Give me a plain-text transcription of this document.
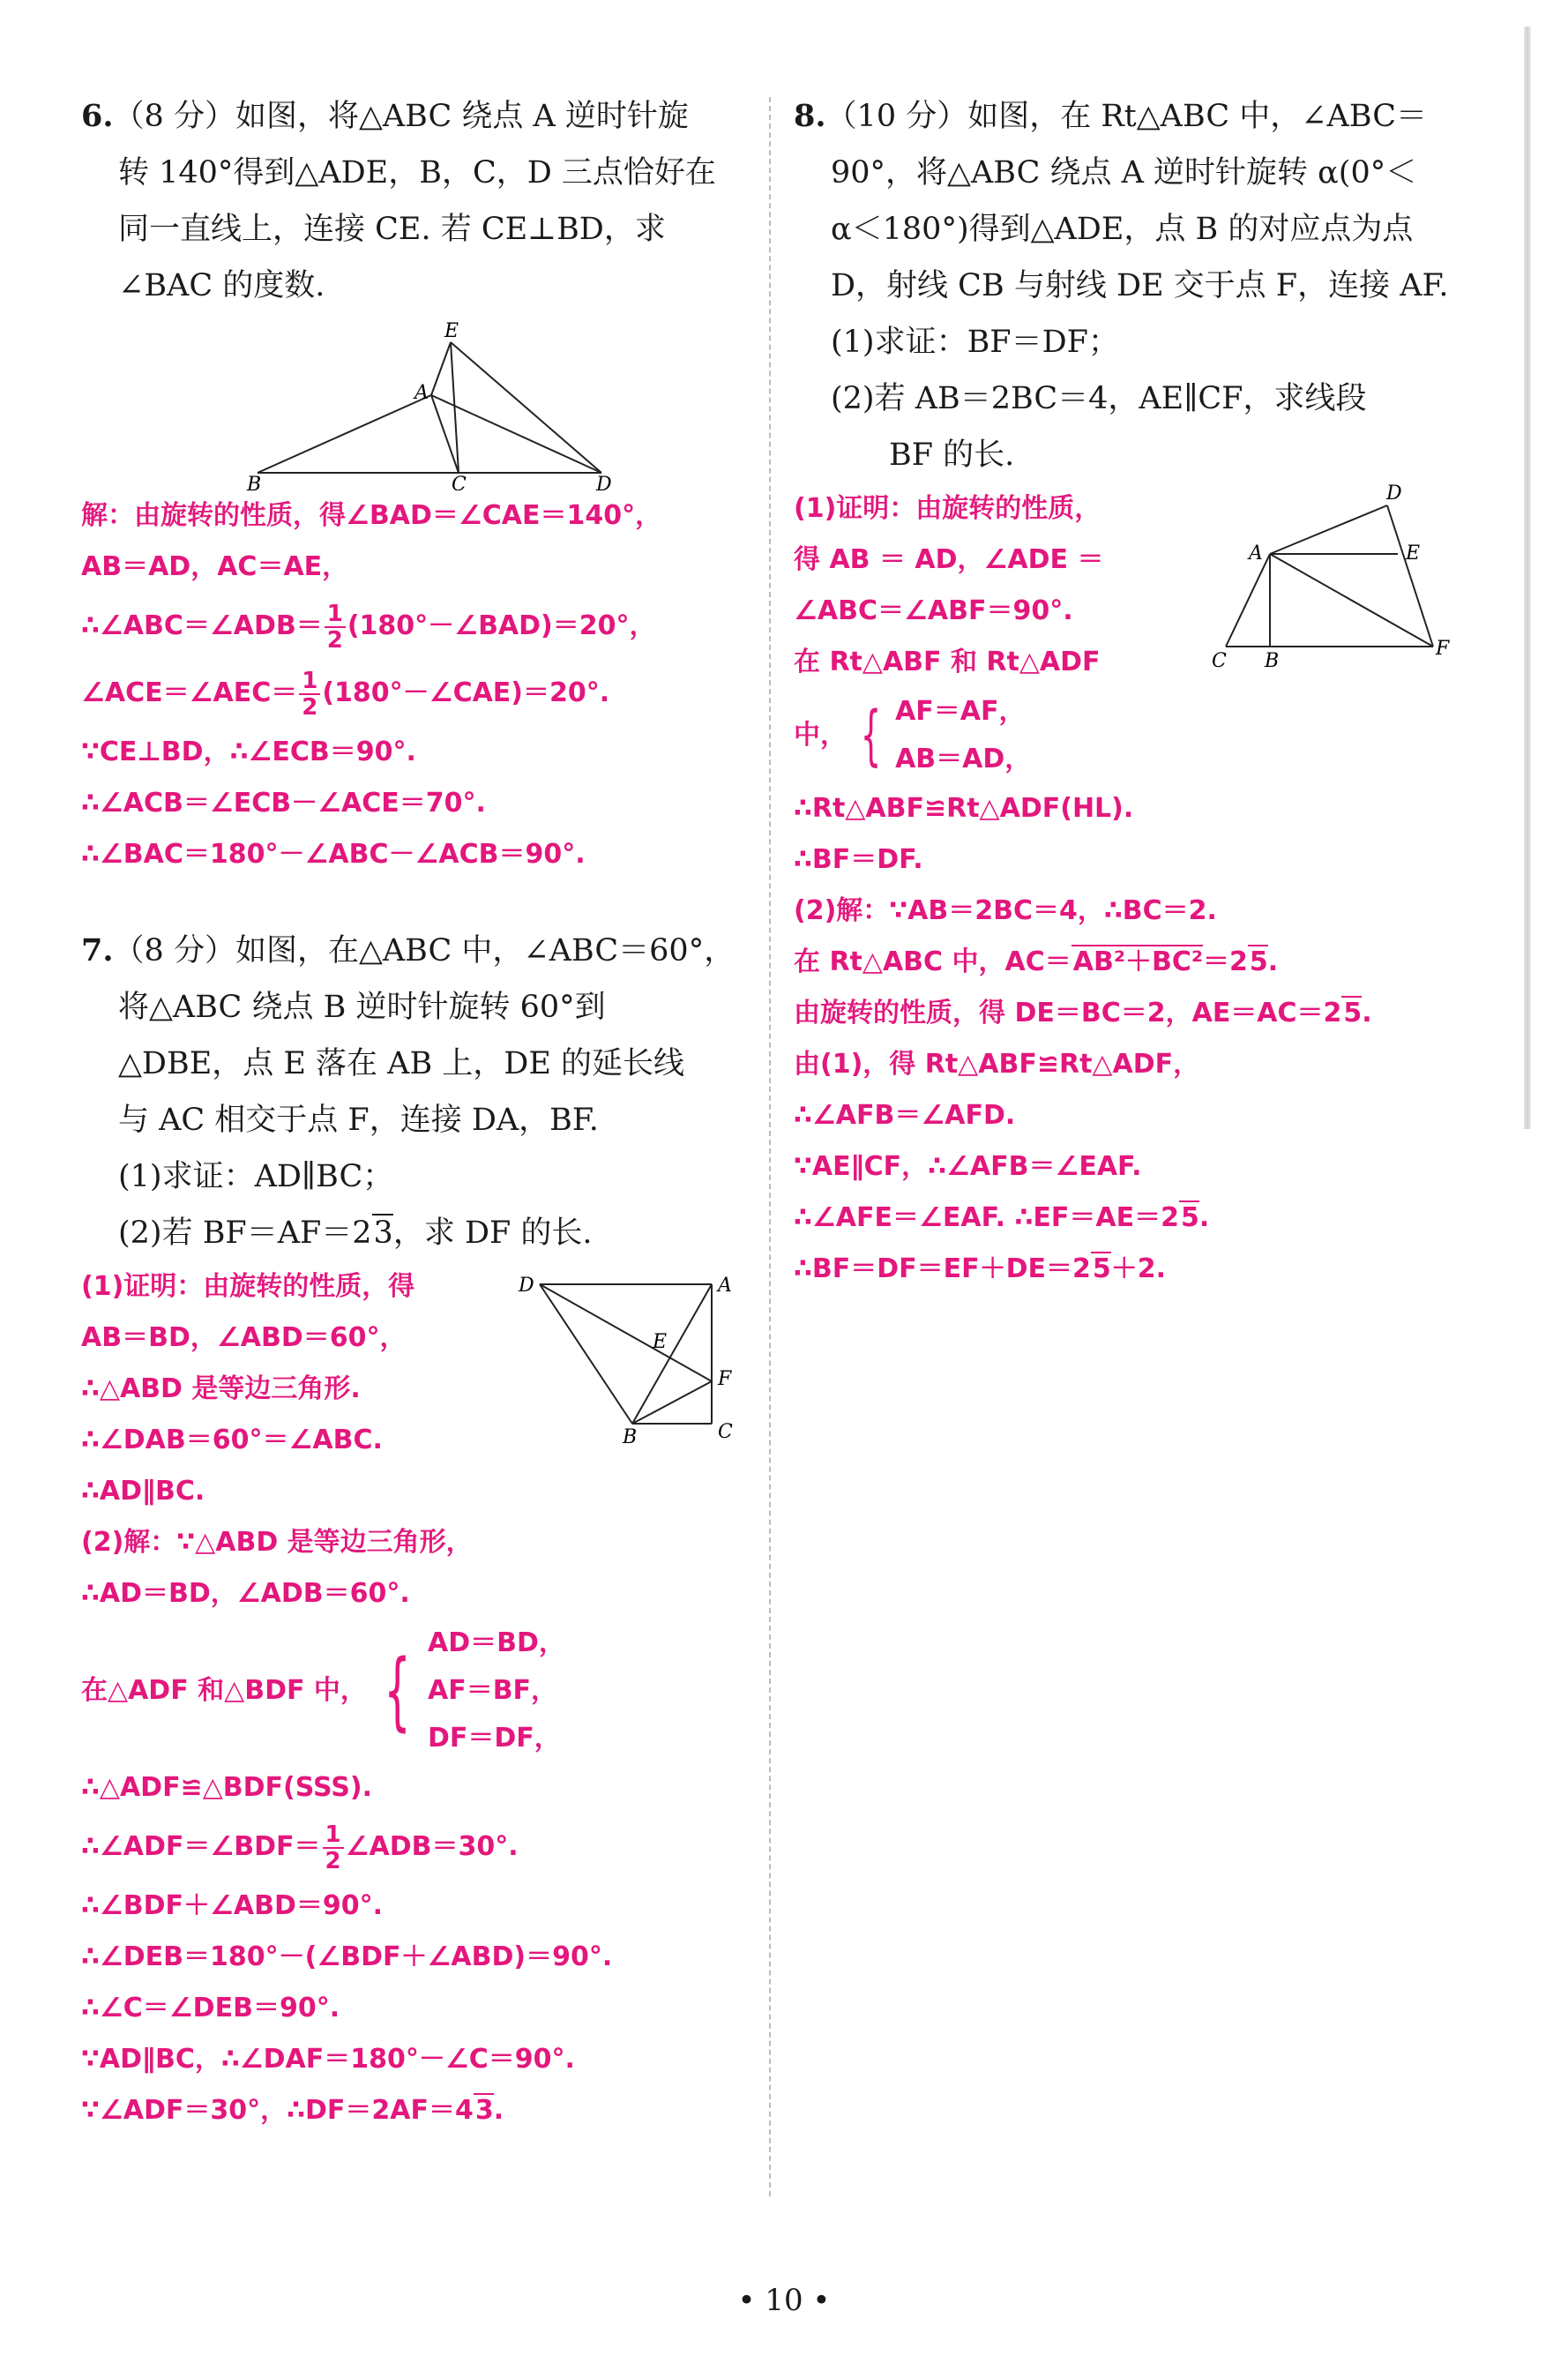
6.（8 分）如图，将△ABC 绕点 A 逆时针旋

转 140°得到△ADE，B，C，D 三点恰好在

同一直线上，连接 CE. 若 CE⊥BD，求

∠BAC 的度数.

E
A
B	C	D

解：由旋转的性质，得∠BAD＝∠CAE＝140°，

AB＝AD，AC＝AE，

∴∠ABC＝∠ADB＝ $\frac{1}{2}$ (180°－∠BAD)＝20°，

∠ACE＝∠AEC＝ $\frac{1}{2}$ (180°－∠CAE)＝20°.

∵CE⊥BD，∴∠ECB＝90°.

∴∠ACB＝∠ECB－∠ACE＝70°.

∴∠BAC＝180°－∠ABC－∠ACB＝90°.

7.（8 分）如图，在△ABC 中，∠ABC＝60°，

将△ABC 绕点 B 逆时针旋转 60°到

△DBE，点 E 落在 AB 上，DE 的延长线

与 AC 相交于点 F，连接 DA，BF.

(1)求证：AD∥BC；

(2)若 BF＝AF＝23，求 DF 的长.

D	A
E
F
B	C

(1)证明：由旋转的性质，得

AB＝BD，∠ABD＝60°，

∴△ABD 是等边三角形.

∴∠DAB＝60°＝∠ABC.

∴AD∥BC.

(2)解：∵△ABD 是等边三角形，

∴AD＝BD，∠ADB＝60°.

在△ADF 和△BDF 中， { AD＝BD，

AF＝BF，

DF＝DF，

∴△ADF≌△BDF(SSS).

∴∠ADF＝∠BDF＝ $\frac{1}{2}$ ∠ADB＝30°.

∴∠BDF＋∠ABD＝90°.

∴∠DEB＝180°－(∠BDF＋∠ABD)＝90°.

∴∠C＝∠DEB＝90°.

∵AD∥BC，∴∠DAF＝180°－∠C＝90°.

∵∠ADF＝30°，∴DF＝2AF＝43.

8.（10 分）如图，在 Rt△ABC 中，∠ABC＝

90°，将△ABC 绕点 A 逆时针旋转 α(0°＜

α＜180°)得到△ADE，点 B 的对应点为点

D，射线 CB 与射线 DE 交于点 F，连接 AF.

(1)求证：BF＝DF；

(2)若 AB＝2BC＝4，AE∥CF，求线段

BF 的长.

D
A	E
C B
F

(1)证明：由旋转的性质，

得 AB ＝ AD，∠ADE ＝

∠ABC＝∠ABF＝90°.

在 Rt△ABF 和 Rt△ADF

中， { AF＝AF，

AB＝AD，

∴Rt△ABF≌Rt△ADF(HL).

∴BF＝DF.

(2)解：∵AB＝2BC＝4，∴BC＝2.

在 Rt△ABC 中，AC＝AB²＋BC²＝25.

由旋转的性质，得 DE＝BC＝2，AE＝AC＝25.

由(1)，得 Rt△ABF≌Rt△ADF，

∴∠AFB＝∠AFD.

∵AE∥CF，∴∠AFB＝∠EAF.

∴∠AFE＝∠EAF. ∴EF＝AE＝25.

∴BF＝DF＝EF＋DE＝25＋2.

• 10 •
